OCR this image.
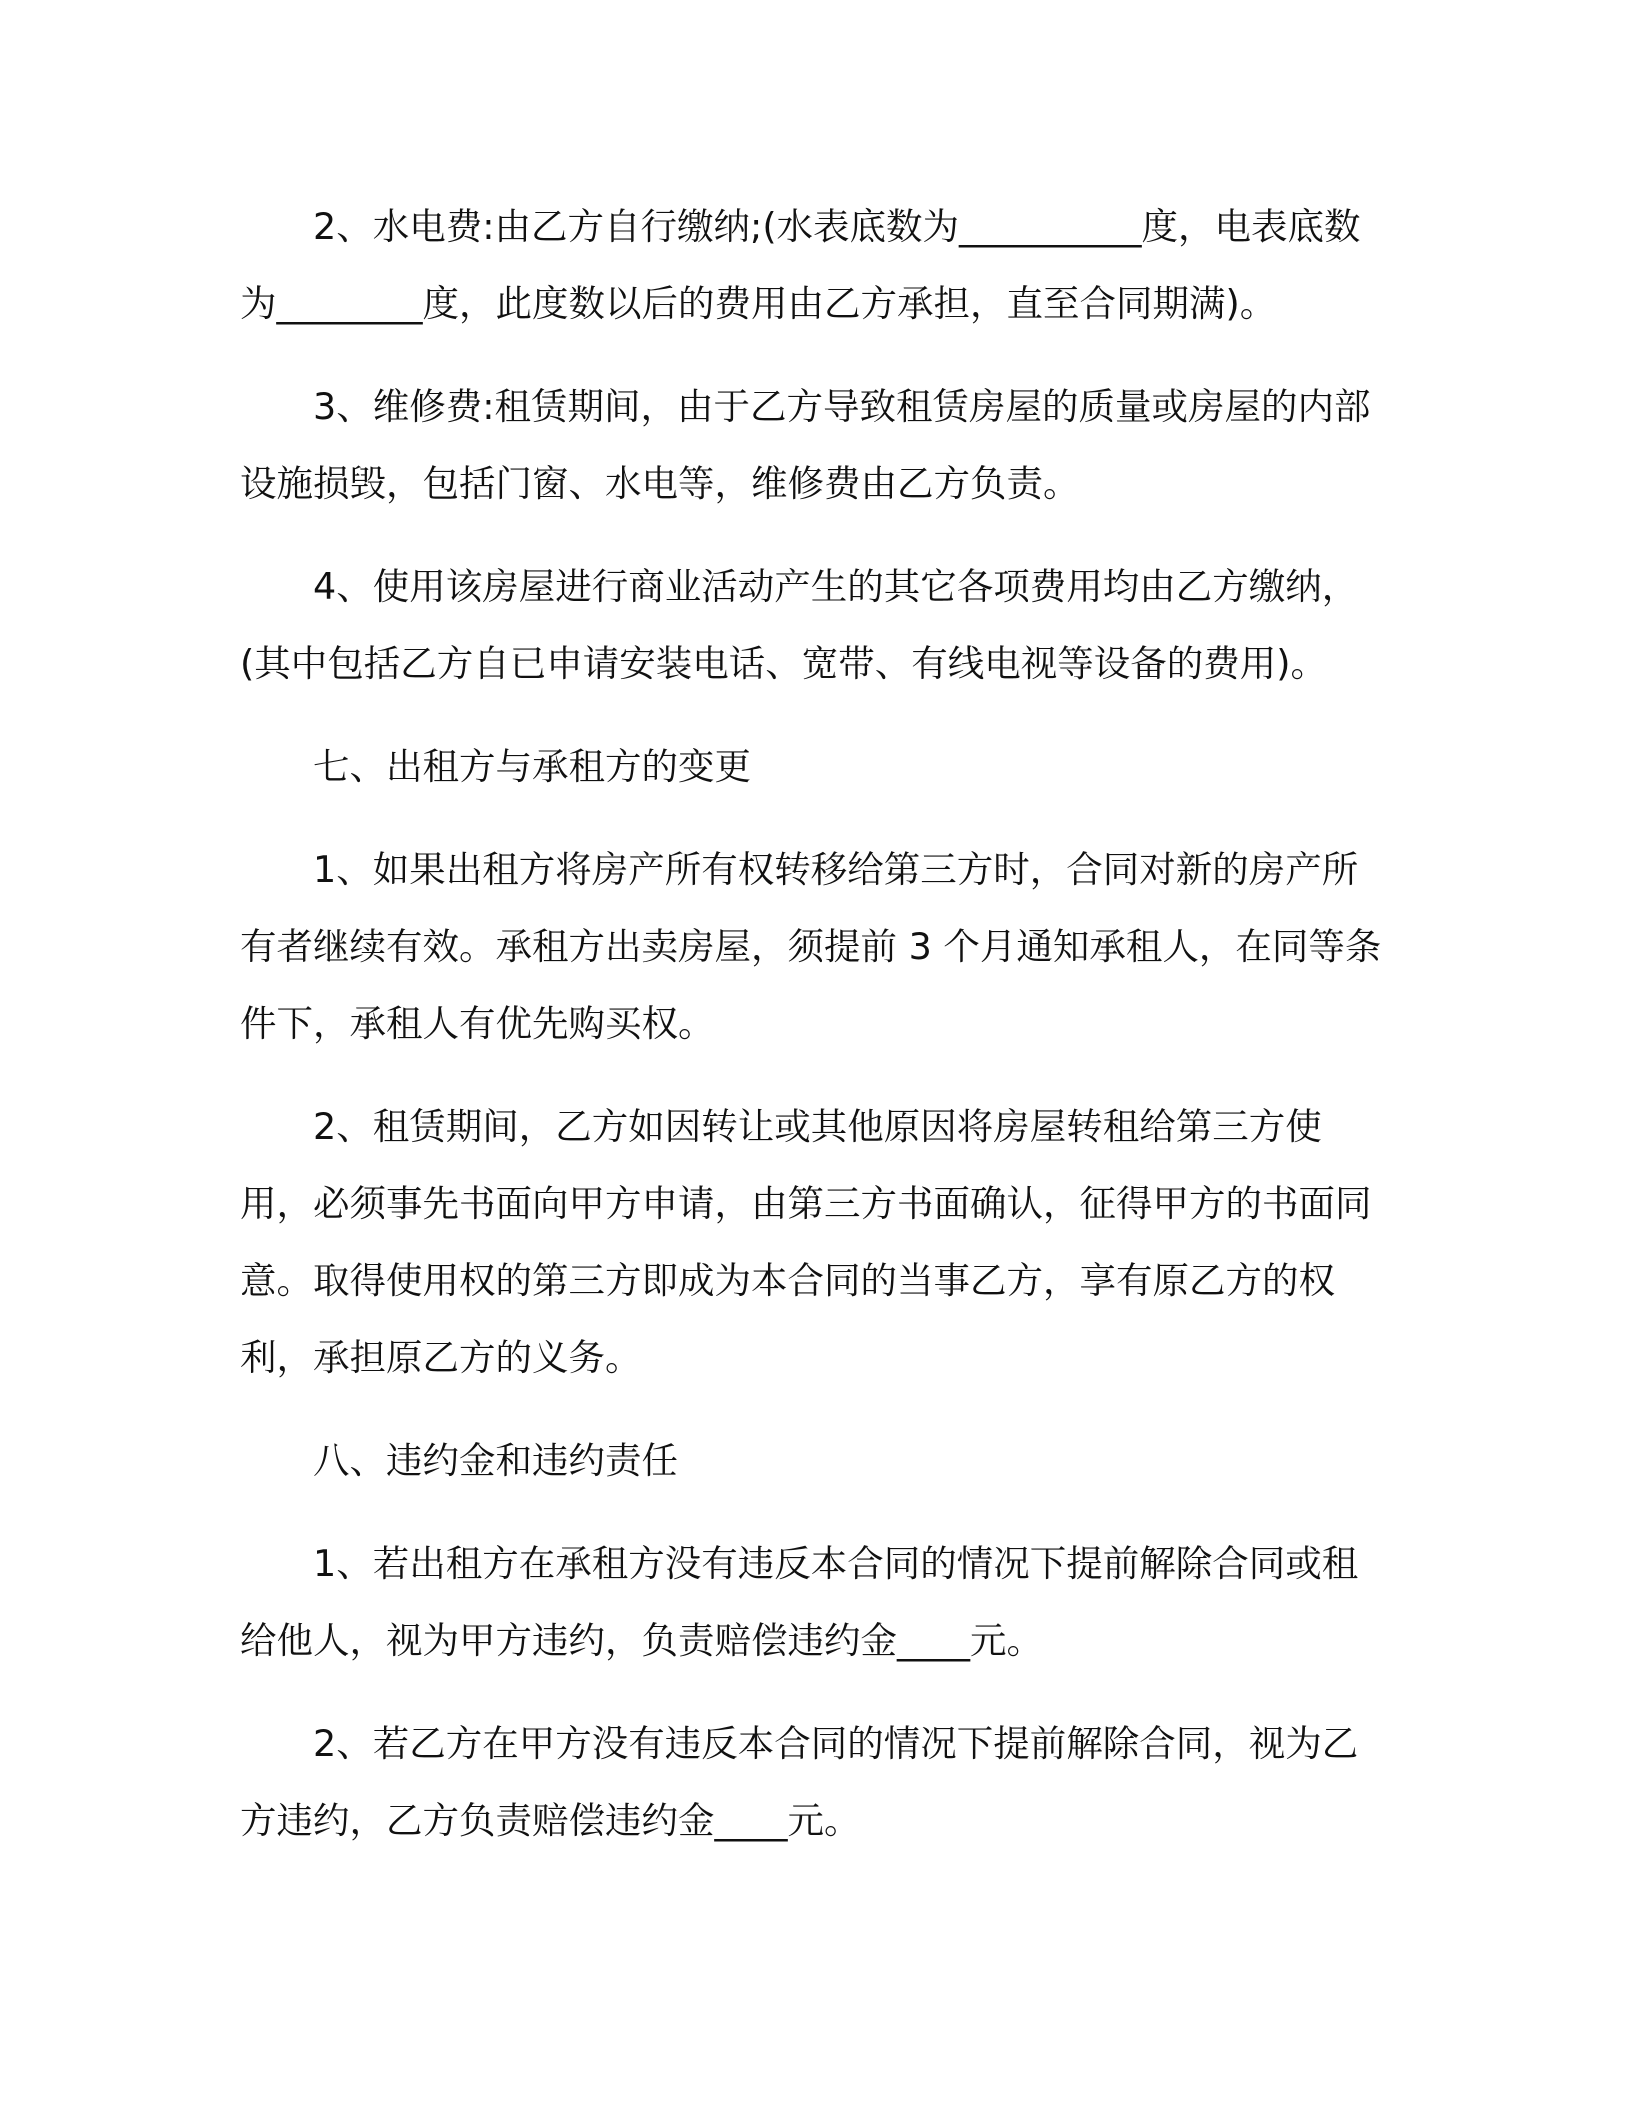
2、水电费:由乙方自行缴纳;(水表底数为__________度，电表底数为________度，此度数以后的费用由乙方承担，直至合同期满)。

3、维修费:租赁期间，由于乙方导致租赁房屋的质量或房屋的内部设施损毁，包括门窗、水电等，维修费由乙方负责。

4、使用该房屋进行商业活动产生的其它各项费用均由乙方缴纳，(其中包括乙方自已申请安装电话、宽带、有线电视等设备的费用)。

七、出租方与承租方的变更

1、如果出租方将房产所有权转移给第三方时，合同对新的房产所有者继续有效。承租方出卖房屋，须提前 3 个月通知承租人，在同等条件下，承租人有优先购买权。

2、租赁期间，乙方如因转让或其他原因将房屋转租给第三方使用，必须事先书面向甲方申请，由第三方书面确认，征得甲方的书面同意。取得使用权的第三方即成为本合同的当事乙方，享有原乙方的权利，承担原乙方的义务。

八、违约金和违约责任

1、若出租方在承租方没有违反本合同的情况下提前解除合同或租给他人，视为甲方违约，负责赔偿违约金____元。

2、若乙方在甲方没有违反本合同的情况下提前解除合同，视为乙方违约，乙方负责赔偿违约金____元。
